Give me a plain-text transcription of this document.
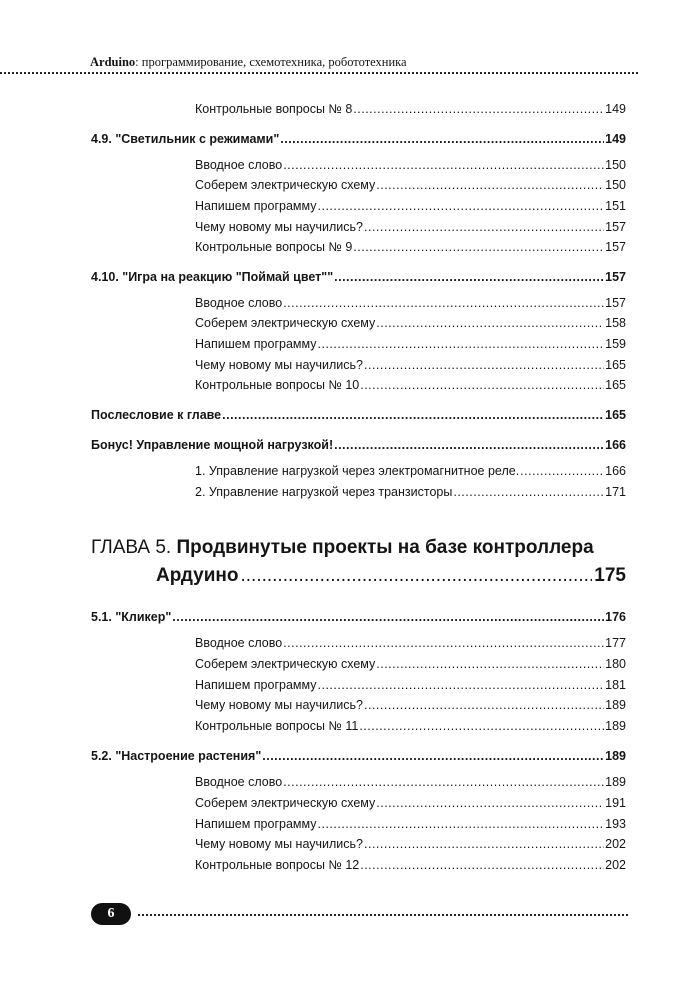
Arduino: программирование, схемотехника, робототехника
Контрольные вопросы № 8 .....	149
4.9. "Светильник с режимами" .....	149
Вводное слово .....	150
Соберем электрическую схему .....	150
Напишем программу .....	151
Чему новому мы научились? .....	157
Контрольные вопросы № 9 .....	157
4.10. "Игра на реакцию "Поймай цвет"" .....	157
Вводное слово .....	157
Соберем электрическую схему .....	158
Напишем программу .....	159
Чему новому мы научились? .....	165
Контрольные вопросы № 10 .....	165
Послесловие к главе .....	165
Бонус! Управление мощной нагрузкой! .....	166
1. Управление нагрузкой через электромагнитное реле. .....	166
2. Управление нагрузкой через транзисторы .....	171
5.1. "Кликер" .....	176
Вводное слово .....	177
Соберем электрическую схему .....	180
Напишем программу .....	181
Чему новому мы научились? .....	189
Контрольные вопросы № 11 .....	189
5.2. "Настроение растения" .....	189
Вводное слово .....	189
Соберем электрическую схему .....	191
Напишем программу .....	193
Чему новому мы научились? .....	202
Контрольные вопросы № 12 .....	202
ГЛАВА 5. Продвинутые проекты на базе контроллера
Ардуино .....	175
6
